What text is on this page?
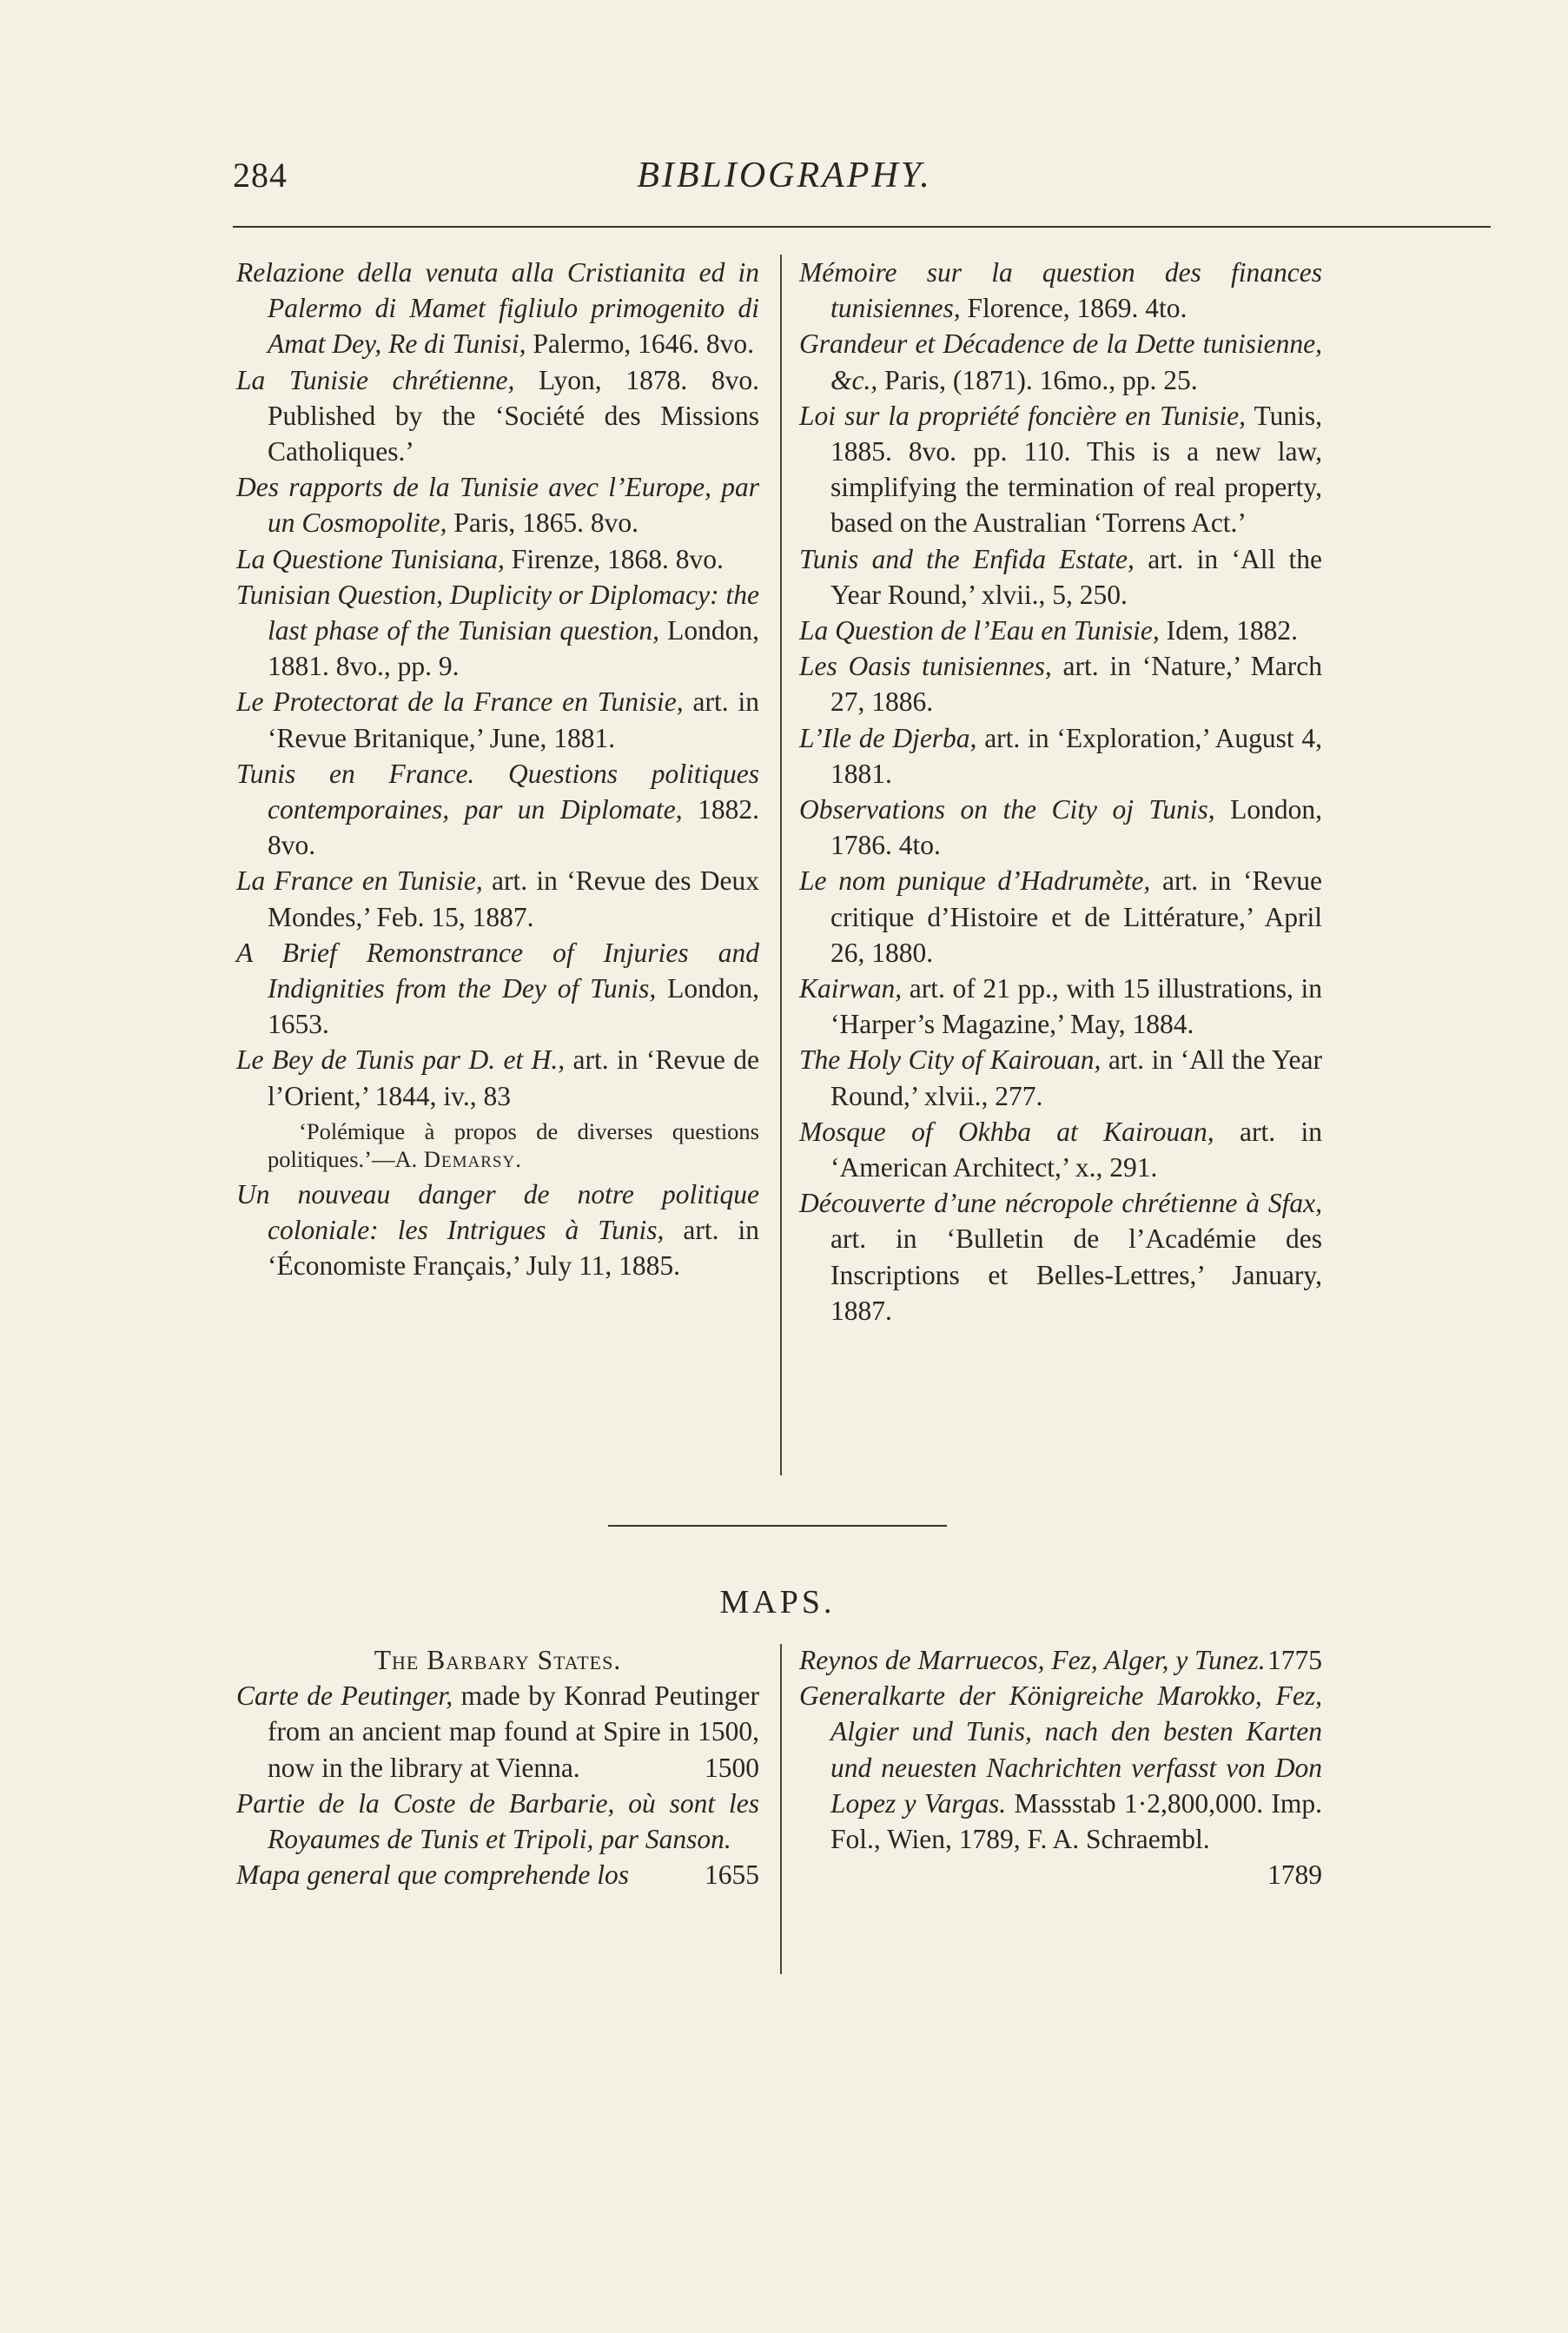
284	BIBLIOGRAPHY.
Relazione della venuta alla Cristianita ed in Palermo di Mamet figliulo primogenito di Amat Dey, Re di Tunisi, Palermo, 1646. 8vo.
La Tunisie chrétienne, Lyon, 1878. 8vo. Published by the ‘Société des Missions Catholiques.’
Des rapports de la Tunisie avec l’Europe, par un Cosmopolite, Paris, 1865. 8vo.
La Questione Tunisiana, Firenze, 1868. 8vo.
Tunisian Question, Duplicity or Diplomacy: the last phase of the Tunisian question, London, 1881. 8vo., pp. 9.
Le Protectorat de la France en Tunisie, art. in ‘Revue Britanique,’ June, 1881.
Tunis en France. Questions politiques contemporaines, par un Diplomate, 1882. 8vo.
La France en Tunisie, art. in ‘Revue des Deux Mondes,’ Feb. 15, 1887.
A Brief Remonstrance of Injuries and Indignities from the Dey of Tunis, London, 1653.
Le Bey de Tunis par D. et H., art. in ‘Revue de l’Orient,’ 1844, iv., 83
‘Polémique à propos de diverses questions politiques.’—A. Demarsy.
Un nouveau danger de notre politique coloniale: les Intrigues à Tunis, art. in ‘Économiste Français,’ July 11, 1885.
Mémoire sur la question des finances tunisiennes, Florence, 1869. 4to.
Grandeur et Décadence de la Dette tunisienne, &c., Paris, (1871). 16mo., pp. 25.
Loi sur la propriété foncière en Tunisie, Tunis, 1885. 8vo. pp. 110. This is a new law, simplifying the termination of real property, based on the Australian ‘Torrens Act.’
Tunis and the Enfida Estate, art. in ‘All the Year Round,’ xlvii., 5, 250.
La Question de l’Eau en Tunisie, Idem, 1882.
Les Oasis tunisiennes, art. in ‘Nature,’ March 27, 1886.
L’Ile de Djerba, art. in ‘Exploration,’ August 4, 1881.
Observations on the City oj Tunis, London, 1786. 4to.
Le nom punique d’Hadrumète, art. in ‘Revue critique d’Histoire et de Littérature,’ April 26, 1880.
Kairwan, art. of 21 pp., with 15 illustrations, in ‘Harper’s Magazine,’ May, 1884.
The Holy City of Kairouan, art. in ‘All the Year Round,’ xlvii., 277.
Mosque of Okhba at Kairouan, art. in ‘American Architect,’ x., 291.
Découverte d’une nécropole chrétienne à Sfax, art. in ‘Bulletin de l’Académie des Inscriptions et Belles-Lettres,’ January, 1887.
MAPS.
The Barbary States.
Carte de Peutinger, made by Konrad Peutinger from an ancient map found at Spire in 1500, now in the library at Vienna.	1500
Partie de la Coste de Barbarie, où sont les Royaumes de Tunis et Tripoli, par Sanson.
1655
Mapa general que comprehende los
Reynos de Marruecos, Fez, Alger, y Tunez. 1775
Generalkarte der Königreiche Marokko, Fez, Algier und Tunis, nach den besten Karten und neuesten Nachrichten verfasst von Don Lopez y Vargas. Massstab 1·2,800,000. Imp. Fol., Wien, 1789, F. A. Schraembl.
1789
